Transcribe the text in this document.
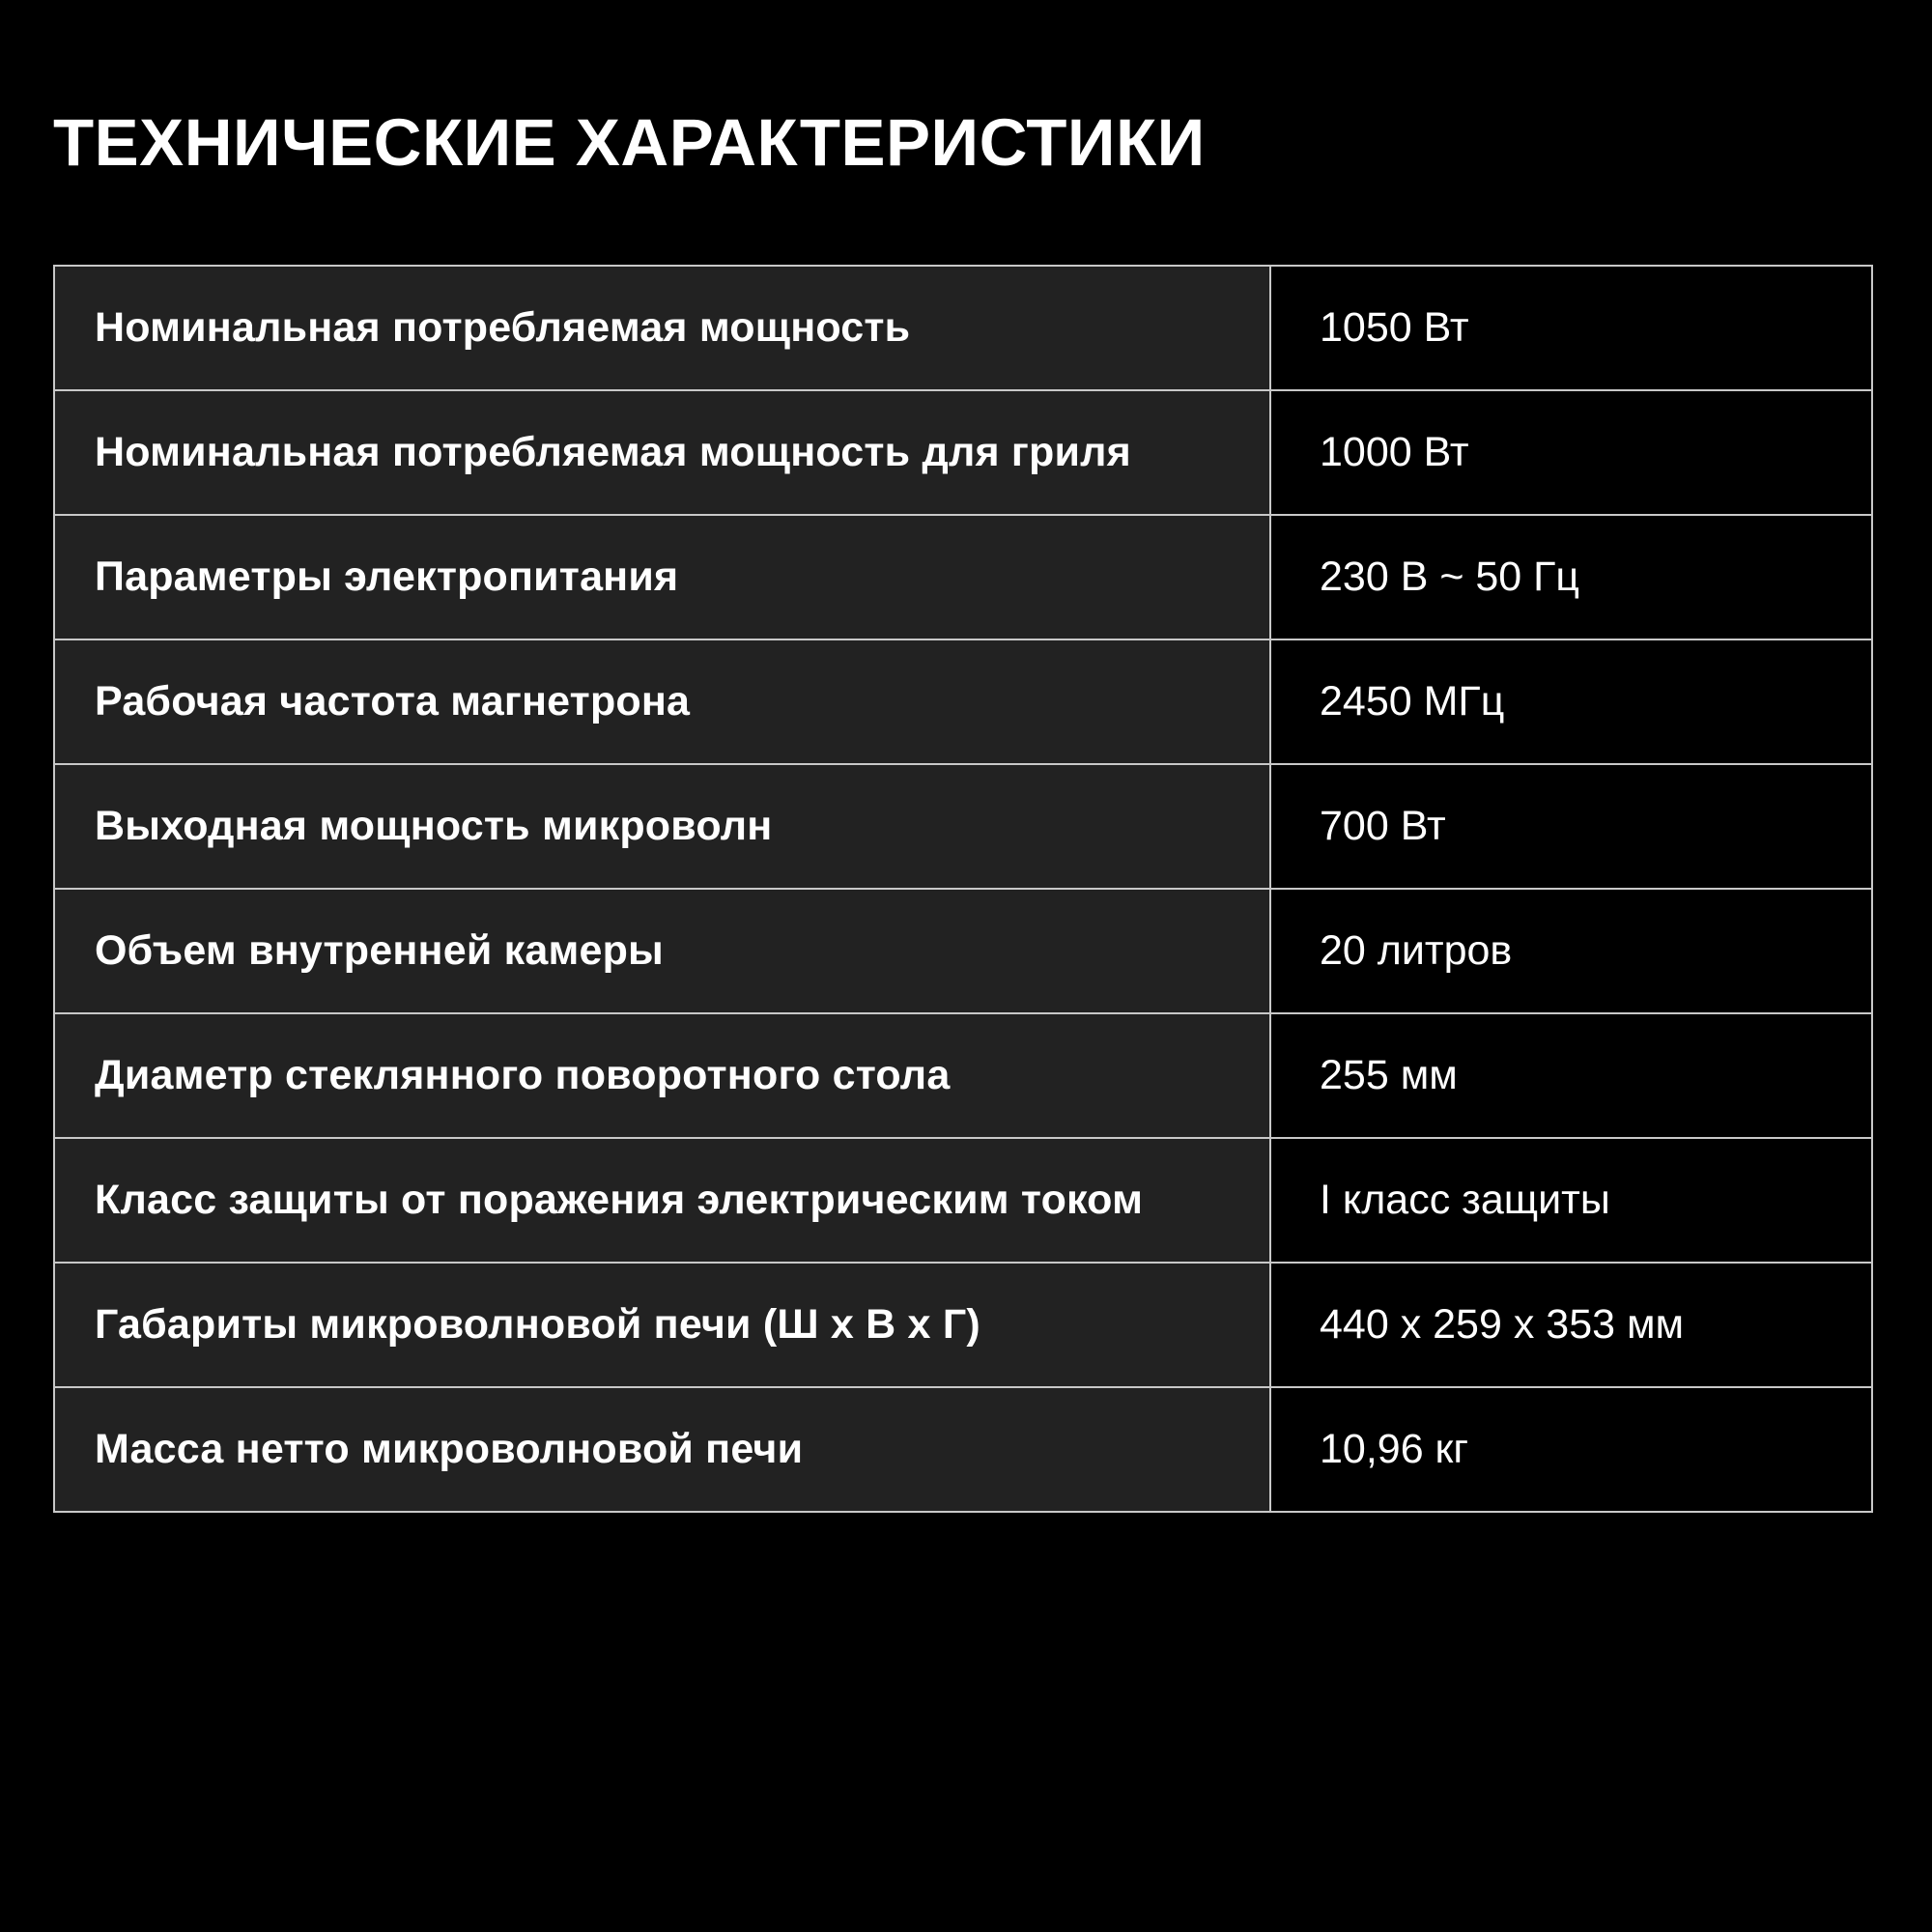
ТЕХНИЧЕСКИЕ ХАРАКТЕРИСТИКИ
Номинальная потребляемая мощность	1050 Вт
Номинальная потребляемая мощность для гриля	1000 Вт
Параметры электропитания	230 В ~ 50 Гц
Рабочая частота магнетрона	2450 МГц
Выходная мощность микроволн	700 Вт
Объем внутренней камеры	20 литров
Диаметр стеклянного поворотного стола	255 мм
Класс защиты от поражения электрическим током	I класс защиты
Габариты микроволновой печи (Ш х В х Г)	440 х 259 х 353 мм
Масса нетто микроволновой печи	10,96 кг
